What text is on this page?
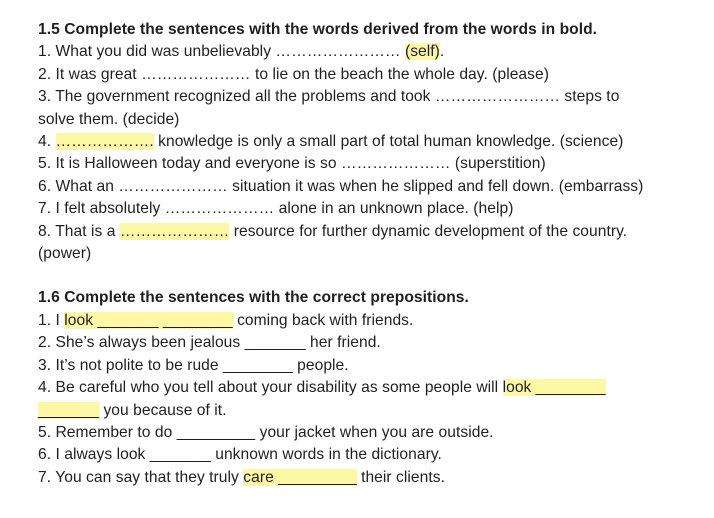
1.5 Complete the sentences with the words derived from the words in bold.
1. What you did was unbelievably …………………… (self).
2. It was great ………………… to lie on the beach the whole day. (please)
3. The government recognized all the problems and took …………………… steps to
solve them. (decide)
4. ………………. knowledge is only a small part of total human knowledge. (science)
5. It is Halloween today and everyone is so ………………… (superstition)
6. What an ………………… situation it was when he slipped and fell down. (embarrass)
7. I felt absolutely ………………… alone in an unknown place. (help)
8. That is a ………………… resource for further dynamic development of the country.
(power)
1.6 Complete the sentences with the correct prepositions.
1. I look _______ ________ coming back with friends.
2. She’s always been jealous _______ her friend.
3. It’s not polite to be rude ________ people.
4. Be careful who you tell about your disability as some people will look ________
_______ you because of it.
5. Remember to do _________ your jacket when you are outside.
6. I always look _______ unknown words in the dictionary.
7. You can say that they truly care _________ their clients.
